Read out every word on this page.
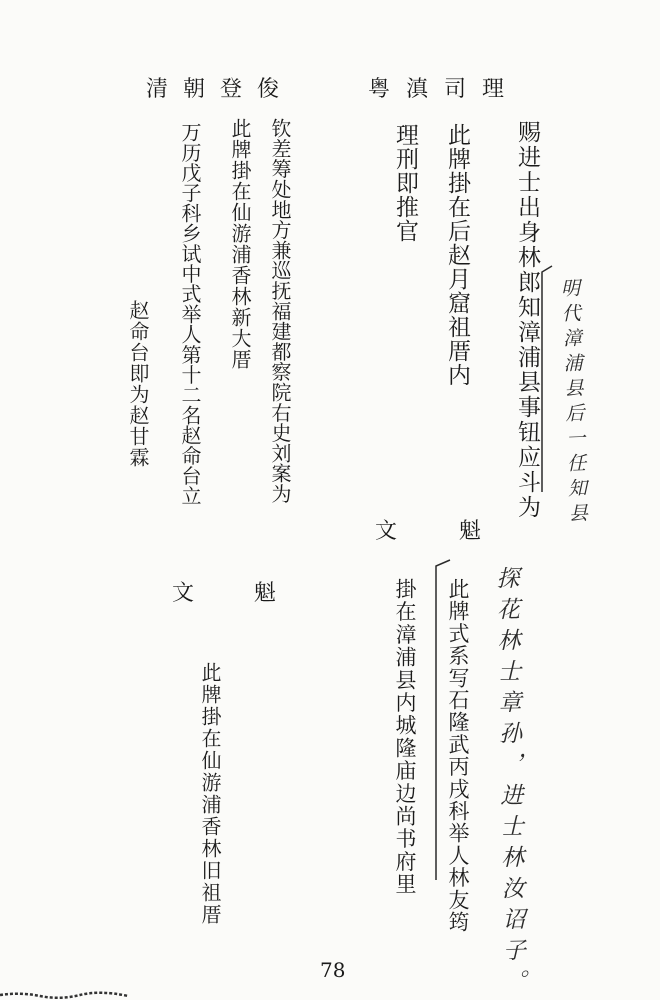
粤滇司理
清朝登俊
赐进士出身林郎知漳浦县事钮应斗为
此牌掛在后赵月窟祖厝内
理刑即推官
钦差筹处地方兼巡抚福建都察院右史刘案为
此牌掛在仙游浦香林新大厝
万历戊子科乡试中式举人第十二名赵命台立
赵命台即为赵甘霖
文魁
文魁	此牌式系写石隆武丙戌科举人林友筠
掛在漳浦县内城隆庙边尚书府里
此牌掛在仙游浦香林旧祖厝
明代漳浦县后一任知县
探花林士章孙，进士林汝诏子。
78
